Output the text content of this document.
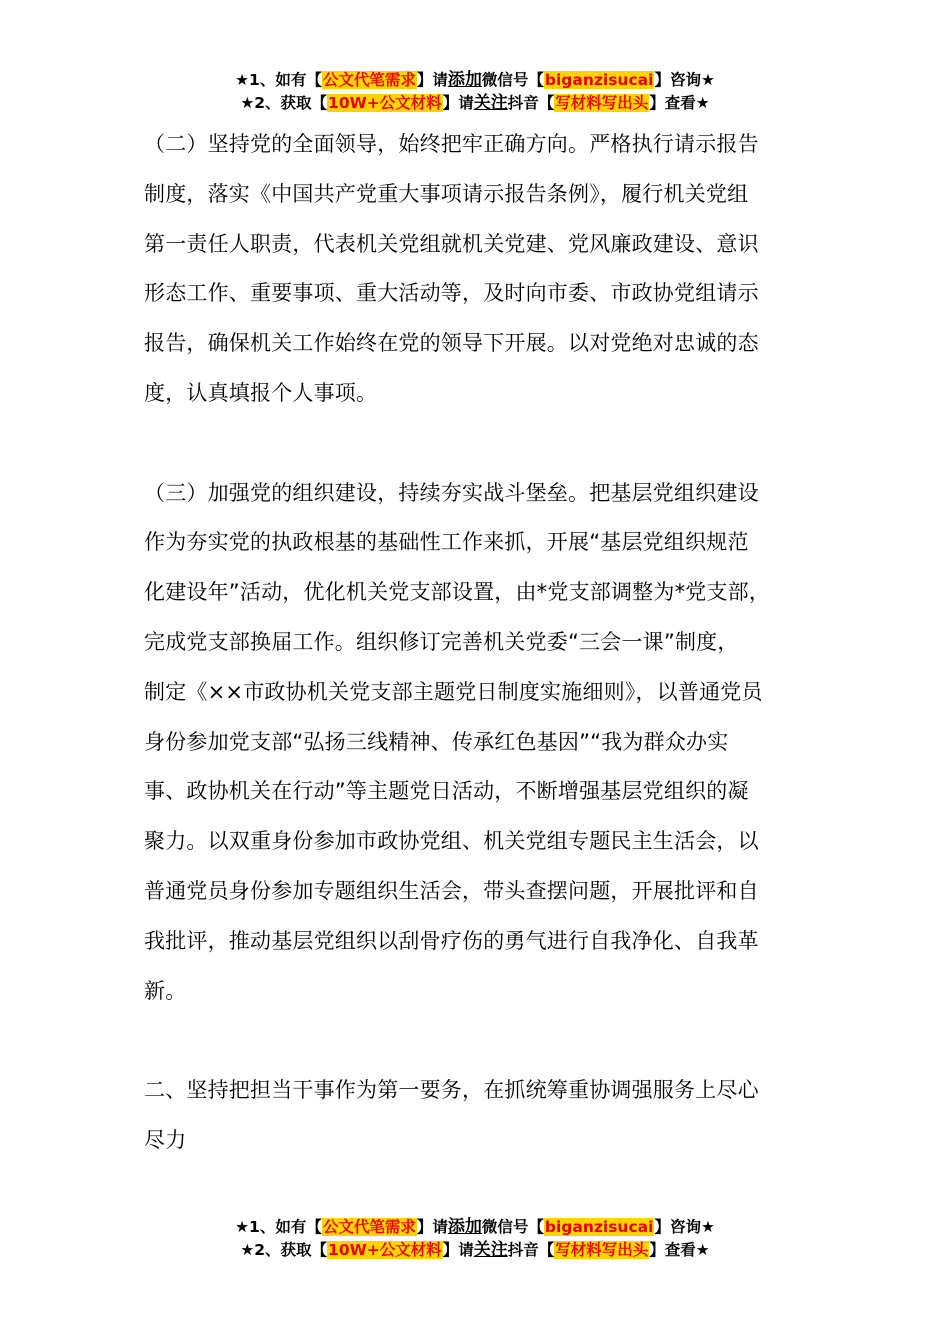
★1、如有【公文代笔需求】请添加微信号【biganzisucai】咨询★
★2、获取【10W+公文材料】请关注抖音【写材料写出头】查看★
（二）坚持党的全面领导，始终把牢正确方向。严格执行请示报告
制度，落实《中国共产党重大事项请示报告条例》，履行机关党组
第一责任人职责，代表机关党组就机关党建、党风廉政建设、意识
形态工作、重要事项、重大活动等，及时向市委、市政协党组请示
报告，确保机关工作始终在党的领导下开展。以对党绝对忠诚的态
度，认真填报个人事项。
（三）加强党的组织建设，持续夯实战斗堡垒。把基层党组织建设
作为夯实党的执政根基的基础性工作来抓，开展“基层党组织规范
化建设年”活动，优化机关党支部设置，由*党支部调整为*党支部，
完成党支部换届工作。组织修订完善机关党委“三会一课”制度，
制定《××市政协机关党支部主题党日制度实施细则》，以普通党员
身份参加党支部“弘扬三线精神、传承红色基因”“我为群众办实
事、政协机关在行动”等主题党日活动，不断增强基层党组织的凝
聚力。以双重身份参加市政协党组、机关党组专题民主生活会，以
普通党员身份参加专题组织生活会，带头查摆问题，开展批评和自
我批评，推动基层党组织以刮骨疗伤的勇气进行自我净化、自我革
新。
二、坚持把担当干事作为第一要务，在抓统筹重协调强服务上尽心
尽力
★1、如有【公文代笔需求】请添加微信号【biganzisucai】咨询★
★2、获取【10W+公文材料】请关注抖音【写材料写出头】查看★
